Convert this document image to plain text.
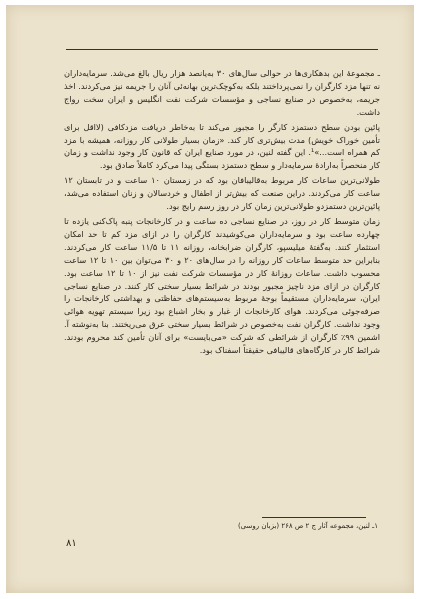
ـ مجموعهٔ این بدهکاری‌ها در حوالی سال‌های ۳۰ به‌یانصد هزار ریال بالغ می‌شد. سرمایه‌داران نه تنها مزد کارگران را نمی‌پرداختند بلکه به‌کوچک‌ترین بهانه‌ئی آنان را جریمه نیز می‌کردند. اخذ جریمه، به‌خصوص در صنایع نساجی و مؤسسات شرکت نفت انگلیس و ایران سخت رواج داشت.

پائین بودن سطح دستمزد کارگر را مجبور می‌کند تا به‌خاطر دریافت مزدکافی (لااقل برای تأمین خوراک خویش) مدت بیش‌تری کار کند. «زمان بسیار طولانی کار روزانه، همیشه با مزد کم همراه است...»¹. این گفته لنین، در مورد صنایع ایران که قانون کار وجود نداشت و زمان کار منحصراً به‌ارادهٔ سرمایه‌دار و سطح دستمزد بستگی پیدا می‌کرد کاملاً صادق بود.

طولانی‌ترین ساعات کار مربوط به‌قالیبافان بود که در زمستان ۱۰ ساعت و در تابستان ۱۲ ساعت کار می‌کردند. دراین صنعت که بیش‌تر از اطفال و خردسالان و زنان استفاده می‌شد، پائین‌ترین دستمزدو طولانی‌ترین زمان کار در روز رسم رایج بود.

زمان متوسط کار در روز، در صنایع نساجی ده ساعت و در کارخانجات پنبه پاک‌کنی یازده تا چهارده ساعت بود و سرمایه‌داران می‌کوشیدند کارگران را در ازای مزد کم تا حد امکان استثمار کنند. به‌گفتهٔ میلیسپو، کارگران ضرابخانه، روزانه ۱۱ تا ۱۱/۵ ساعت کار می‌کردند. بنابراین حد متوسط ساعات کار روزانه را در سال‌های ۲۰ و ۳۰ می‌توان بین ۱۰ تا ۱۲ ساعت محسوب داشت. ساعات روزانهٔ کار در مؤسسات شرکت نفت نیز از ۱۰ تا ۱۲ ساعت بود. کارگران در ازای مزد ناچیز مجبور بودند در شرائط بسیار سختی کار کنند. در صنایع نساجی ایران، سرمایه‌داران مستقیماً بوجهٔ مربوط به‌سیستم‌های حفاظتی و بهداشتی کارخانجات را صرفه‌جوئی می‌کردند. هوای کارخانجات از غبار و بخار اشباع بود زیرا سیستم تهویه هوائی وجود نداشت. کارگران نفت به‌خصوص در شرائط بسیار سختی عرق می‌ریختند. بنا به‌نوشته آ. اشمین ۹۹٪ کارگران از شرائطی که شرکت «می‌بایست» برای آنان تأمین کند محروم بودند. شرائط کار در کارگاه‌های قالیبافی حقیقتاً اسفناک بود.

۱ـ لنین، مجموعه آثار ج ۲ ص ۲۶۸ (بزبان روسی)
۸۱
